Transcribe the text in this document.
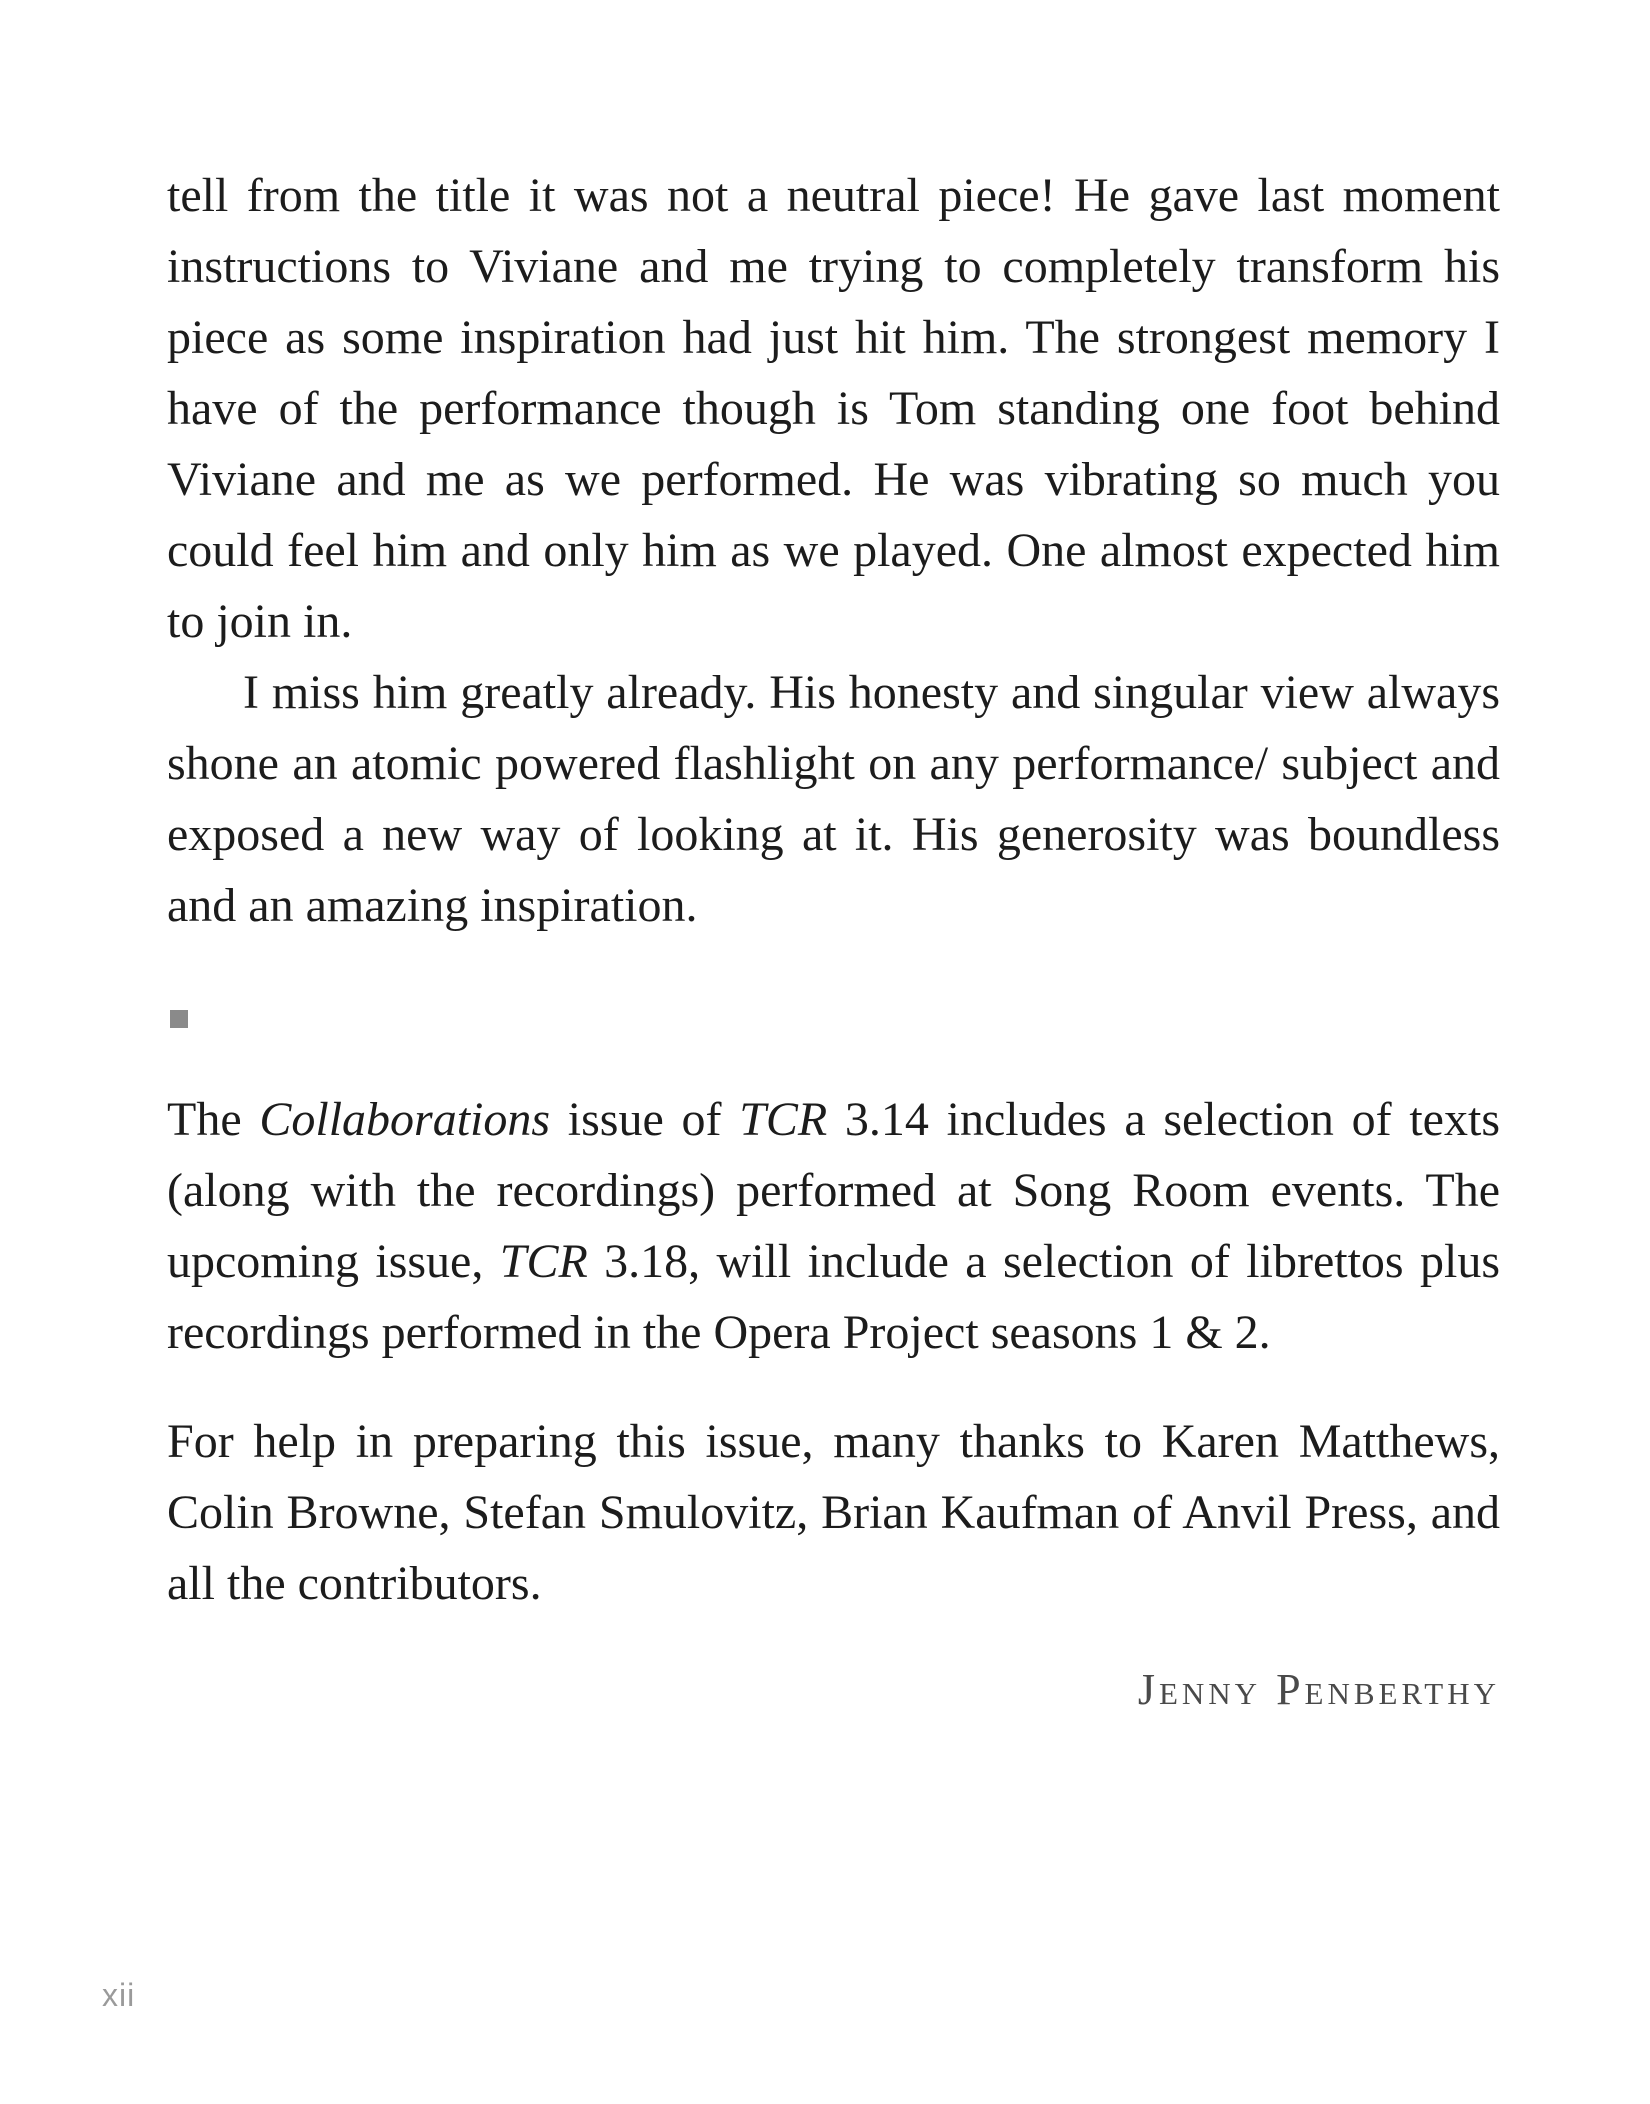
tell from the title it was not a neutral piece! He gave last moment instructions to Viviane and me trying to completely transform his piece as some inspiration had just hit him. The strongest memory I have of the performance though is Tom standing one foot behind Viviane and me as we performed. He was vibrating so much you could feel him and only him as we played. One almost expected him to join in.

I miss him greatly already. His honesty and singular view always shone an atomic powered flashlight on any performance/ subject and exposed a new way of looking at it. His generosity was boundless and an amazing inspiration.

The Collaborations issue of TCR 3.14 includes a selection of texts (along with the recordings) performed at Song Room events. The upcoming issue, TCR 3.18, will include a selection of librettos plus recordings performed in the Opera Project seasons 1 & 2.

For help in preparing this issue, many thanks to Karen Matthews, Colin Browne, Stefan Smulovitz, Brian Kaufman of Anvil Press, and all the contributors.

Jenny Penberthy
xii
